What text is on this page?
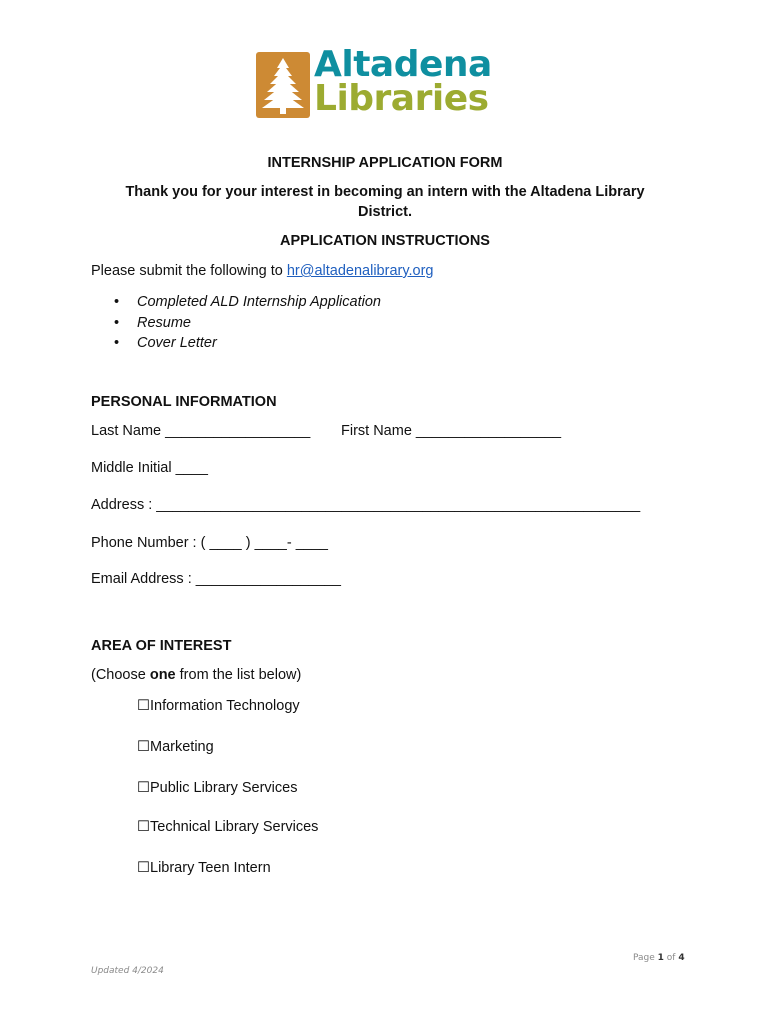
Altadena
Libraries
INTERNSHIP APPLICATION FORM
Thank you for your interest in becoming an intern with the Altadena Library
District.
APPLICATION INSTRUCTIONS
Please submit the following to hr@altadenalibrary.org
• Completed ALD Internship Application
• Resume
• Cover Letter
PERSONAL INFORMATION
Last Name __________________ First Name __________________
Middle Initial ____
Address : ____________________________________________________________
Phone Number : ( ____ ) ____- ____
Email Address : __________________
AREA OF INTEREST
(Choose one from the list below)
☐Information Technology
☐Marketing
☐Public Library Services
☐Technical Library Services
☐Library Teen Intern
Page 1 of 4
Updated 4/2024
